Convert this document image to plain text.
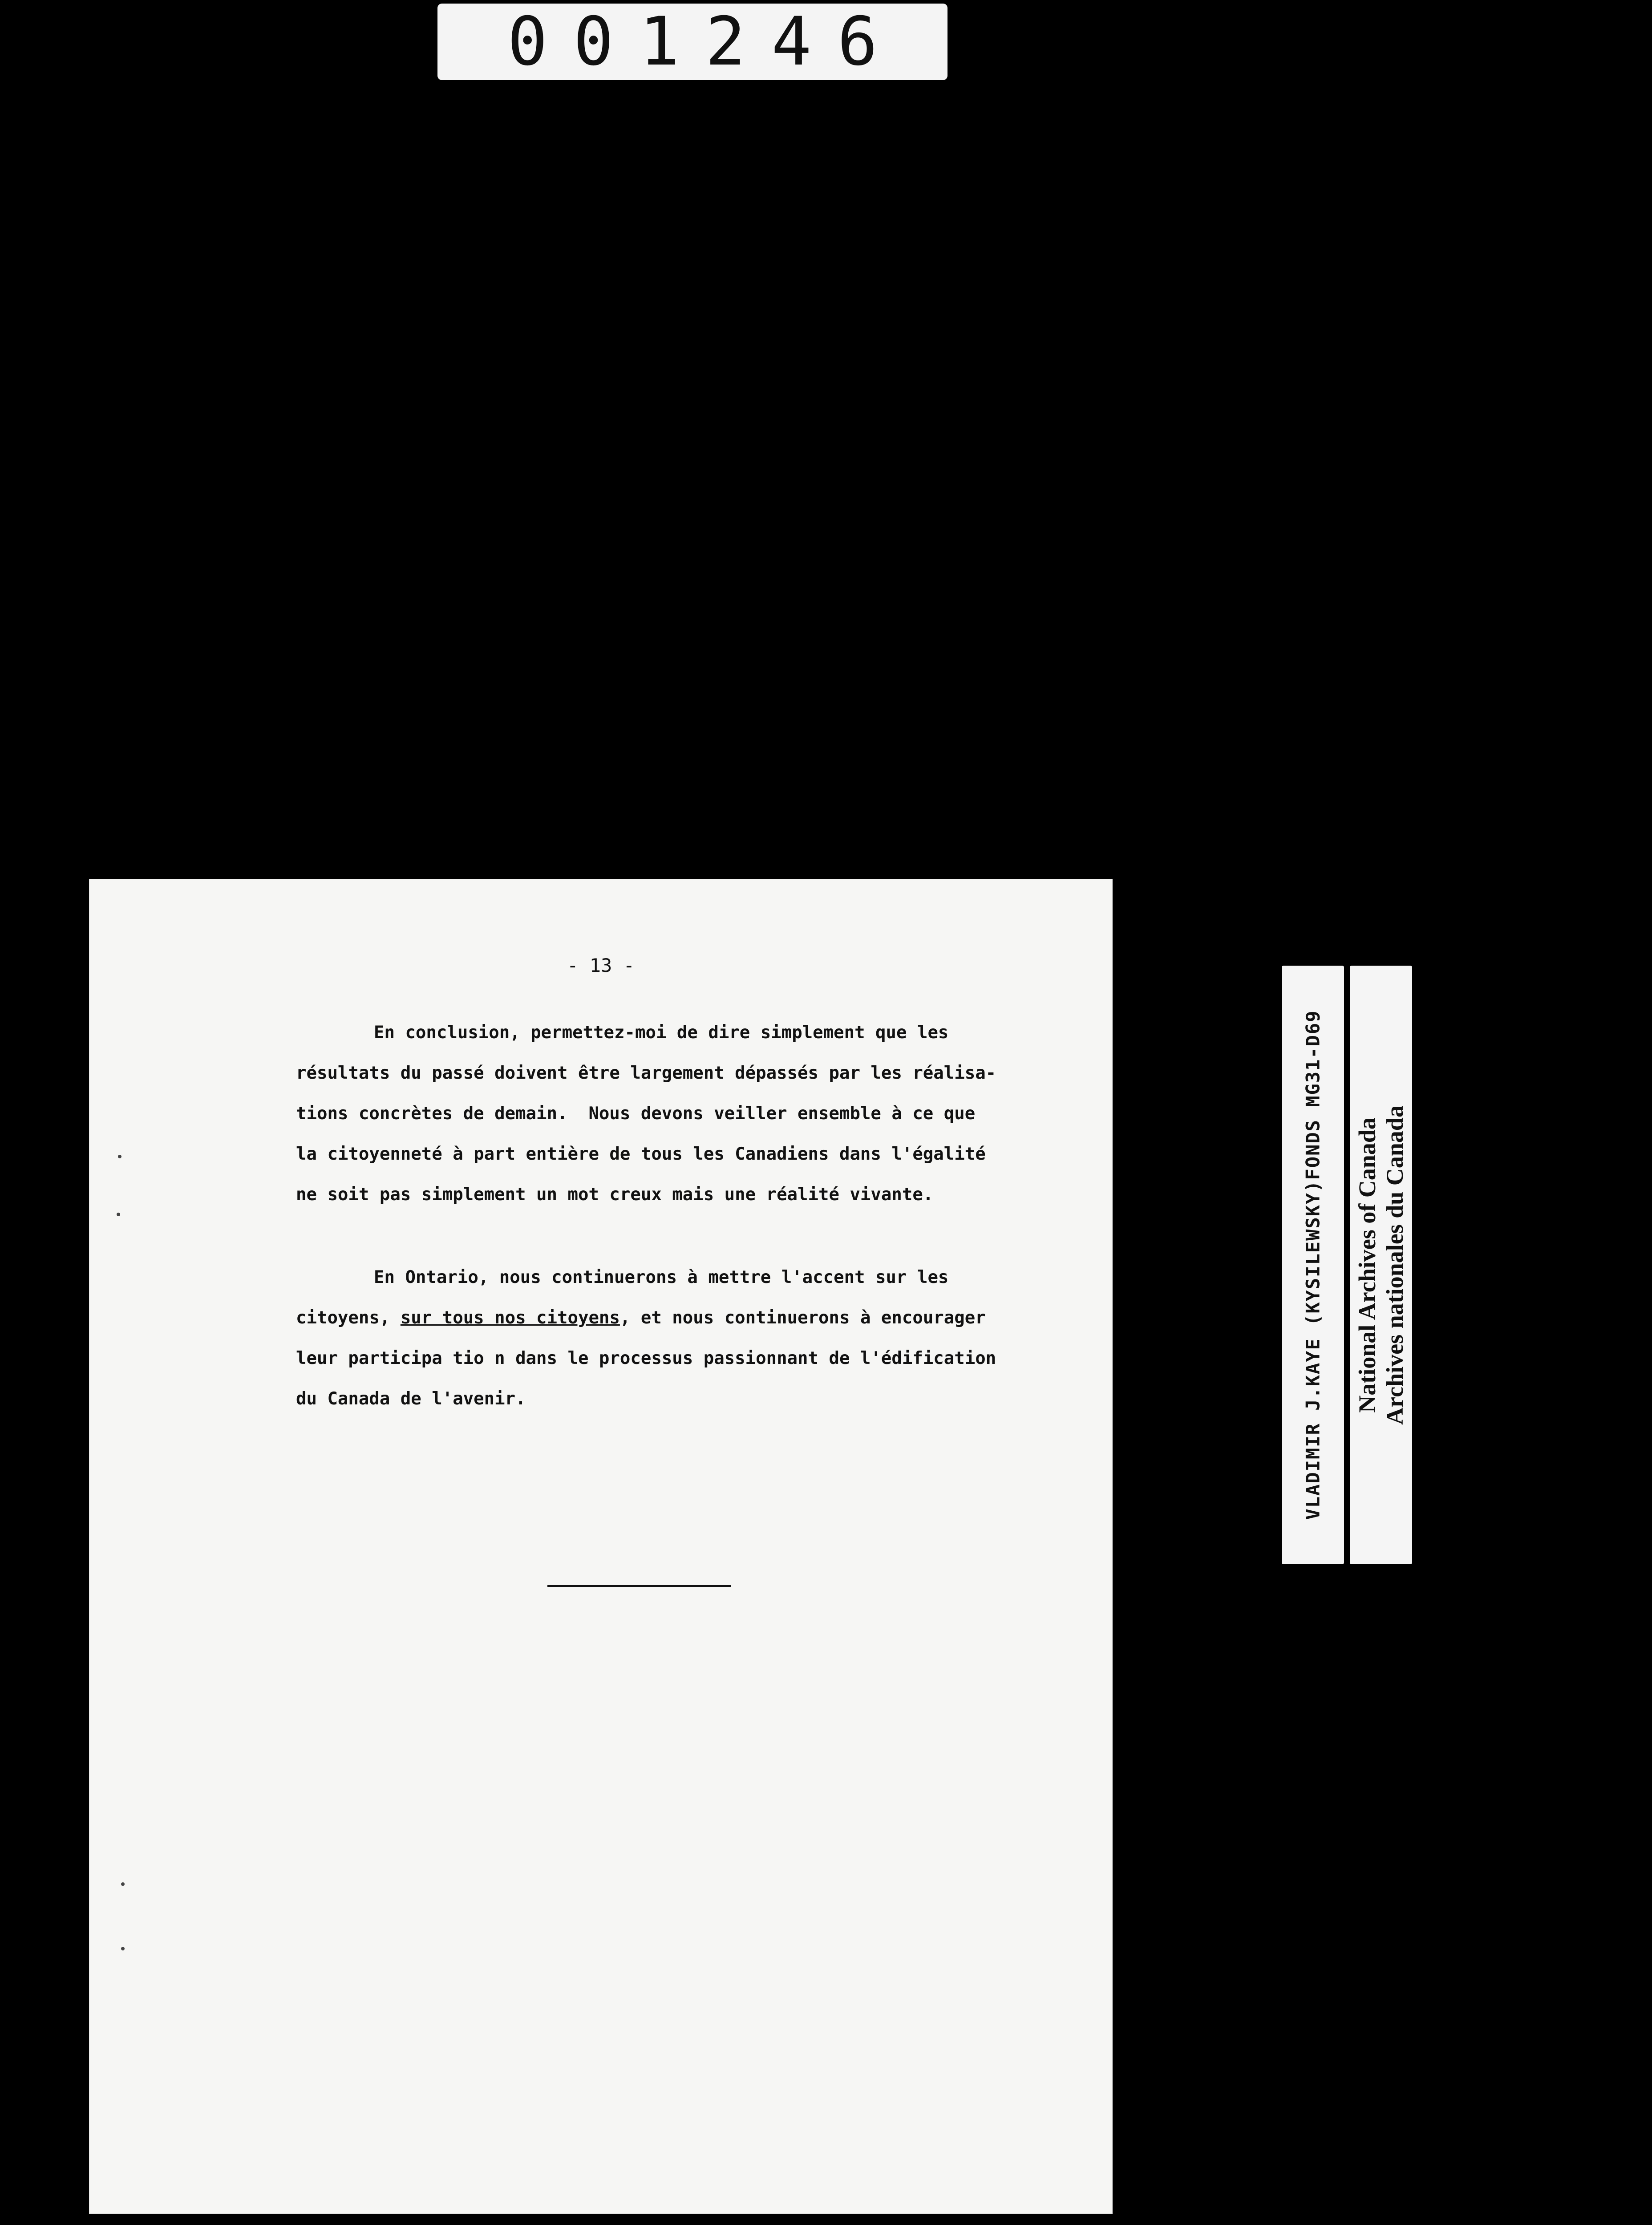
001246
- 13 -
En conclusion, permettez-moi de dire simplement que les
résultats du passé doivent être largement dépassés par les réalisa-
tions concrètes de demain.  Nous devons veiller ensemble à ce que
la citoyenneté à part entière de tous les Canadiens dans l'égalité
ne soit pas simplement un mot creux mais une réalité vivante.
En Ontario, nous continuerons à mettre l'accent sur les
citoyens, sur tous nos citoyens, et nous continuerons à encourager
leur participa tio n dans le processus passionnant de l'édification
du Canada de l'avenir.	VLADIMIR J.KAYE (KYSILEWSKY)FONDS MG31-D69 National Archives of Canada Archives nationales du Canada
